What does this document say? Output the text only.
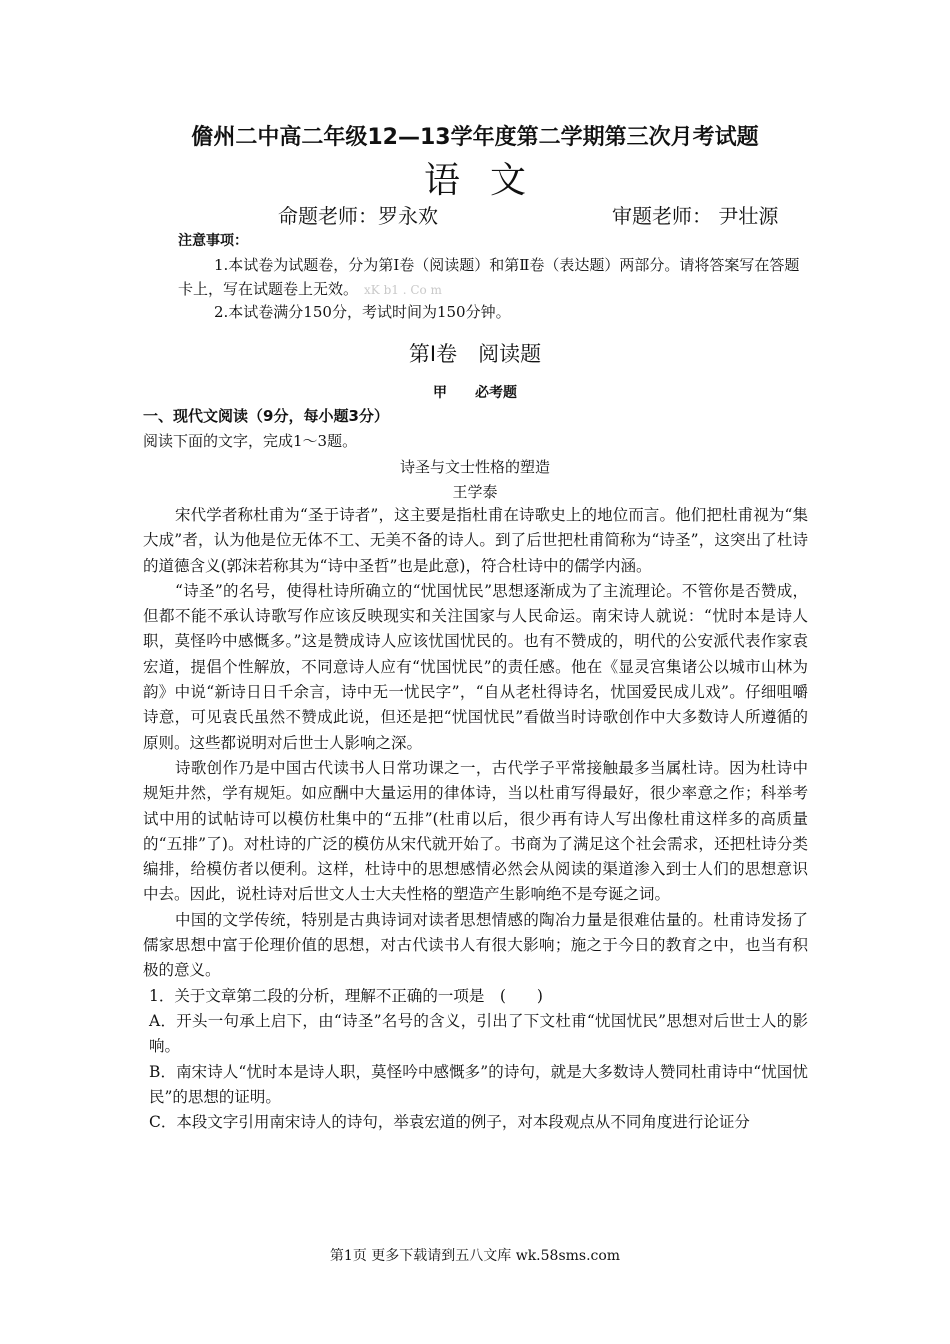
儋州二中高二年级12—13学年度第二学期第三次月考试题
语文
命题老师：罗永欢	审题老师： 尹壮源
注意事项：
1.本试卷为试题卷，分为第Ⅰ卷（阅读题）和第Ⅱ卷（表达题）两部分。请将答案写在答题卡上，写在试题卷上无效。 xK b1 . Co m
2.本试卷满分150分，考试时间为150分钟。
第Ⅰ卷　阅读题
甲 必考题
一、现代文阅读（9分，每小题3分）
阅读下面的文字，完成1～3题。
诗圣与文士性格的塑造
王学泰

宋代学者称杜甫为“圣于诗者”，这主要是指杜甫在诗歌史上的地位而言。他们把杜甫视为“集大成”者，认为他是位无体不工、无美不备的诗人。到了后世把杜甫简称为“诗圣”，这突出了杜诗的道德含义(郭沫若称其为“诗中圣哲”也是此意)，符合杜诗中的儒学内涵。

“诗圣”的名号，使得杜诗所确立的“忧国忧民”思想逐渐成为了主流理论。不管你是否赞成，但都不能不承认诗歌写作应该反映现实和关注国家与人民命运。南宋诗人就说：“忧时本是诗人职，莫怪吟中感慨多。”这是赞成诗人应该忧国忧民的。也有不赞成的，明代的公安派代表作家袁宏道，提倡个性解放，不同意诗人应有“忧国忧民”的责任感。他在《显灵宫集诸公以城市山林为韵》中说“新诗日日千余言，诗中无一忧民字”，“自从老杜得诗名，忧国爱民成儿戏”。仔细咀嚼诗意，可见袁氏虽然不赞成此说，但还是把“忧国忧民”看做当时诗歌创作中大多数诗人所遵循的原则。这些都说明对后世士人影响之深。

诗歌创作乃是中国古代读书人日常功课之一，古代学子平常接触最多当属杜诗。因为杜诗中规矩井然，学有规矩。如应酬中大量运用的律体诗，当以杜甫写得最好，很少率意之作；科举考试中用的试帖诗可以模仿杜集中的“五排”(杜甫以后，很少再有诗人写出像杜甫这样多的高质量的“五排”了)。对杜诗的广泛的模仿从宋代就开始了。书商为了满足这个社会需求，还把杜诗分类编排，给模仿者以便利。这样，杜诗中的思想感情必然会从阅读的渠道渗入到士人们的思想意识中去。因此，说杜诗对后世文人士大夫性格的塑造产生影响绝不是夸诞之词。

中国的文学传统，特别是古典诗词对读者思想情感的陶冶力量是很难估量的。杜甫诗发扬了儒家思想中富于伦理价值的思想，对古代读书人有很大影响；施之于今日的教育之中，也当有积极的意义。

1．关于文章第二段的分析，理解不正确的一项是　(　　)

A．开头一句承上启下，由“诗圣”名号的含义，引出了下文杜甫“忧国忧民”思想对后世士人的影响。

B．南宋诗人“忧时本是诗人职，莫怪吟中感慨多”的诗句，就是大多数诗人赞同杜甫诗中“忧国忧民”的思想的证明。

C．本段文字引用南宋诗人的诗句，举袁宏道的例子，对本段观点从不同角度进行论证分

第1页 更多下载请到五八文库 wk.58sms.com
